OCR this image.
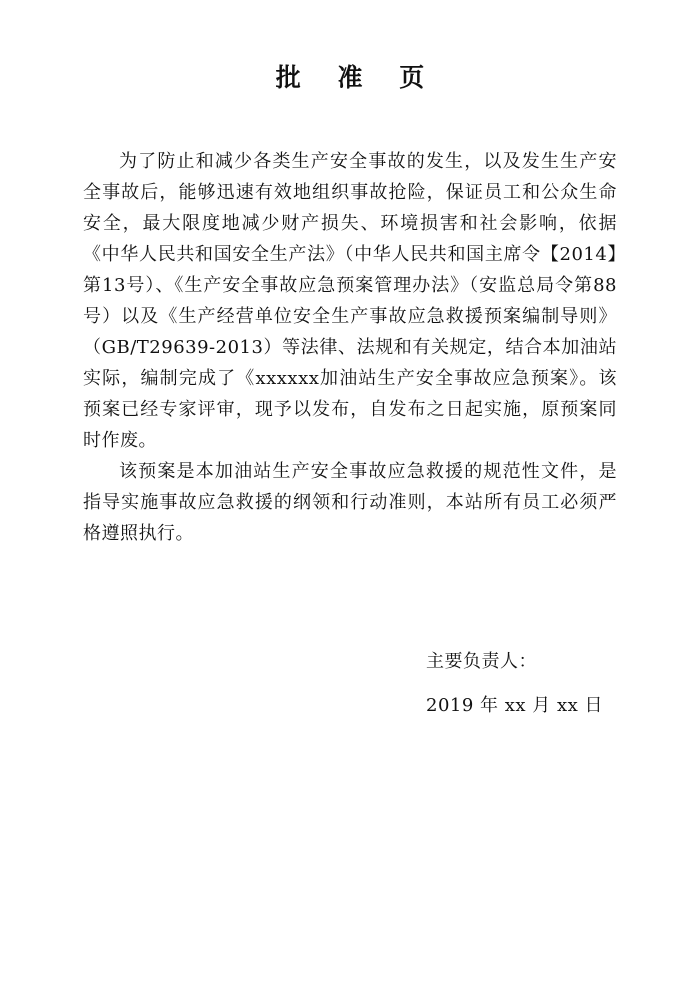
批 准 页

为了防止和减少各类生产安全事故的发生，以及发生生产安全事故后，能够迅速有效地组织事故抢险，保证员工和公众生命安全，最大限度地减少财产损失、环境损害和社会影响，依据《中华人民共和国安全生产法》（中华人民共和国主席令【2014】第13号）、《生产安全事故应急预案管理办法》（安监总局令第88号）以及《生产经营单位安全生产事故应急救援预案编制导则》（GB/T29639-2013）等法律、法规和有关规定，结合本加油站实际，编制完成了《xxxxxx加油站生产安全事故应急预案》。该预案已经专家评审，现予以发布，自发布之日起实施，原预案同时作废。

该预案是本加油站生产安全事故应急救援的规范性文件，是指导实施事故应急救援的纲领和行动准则，本站所有员工必须严格遵照执行。

主要负责人：
2019 年 xx 月 xx 日
